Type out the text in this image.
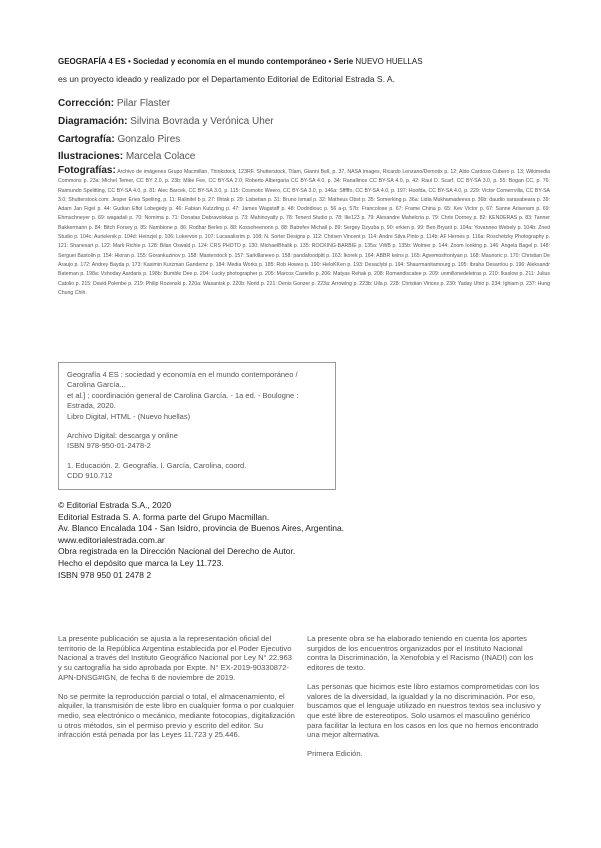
GEOGRAFÍA 4 ES • Sociedad y economía en el mundo contemporáneo • Serie NUEVO HUELLAS
es un proyecto ideado y realizado por el Departamento Editorial de Editorial Estrada S. A.
Corrección: Pilar Flaster
Diagramación: Silvina Bovrada y Verónica Uher
Cartografía: Gonzalo Pires
Ilustraciones: Marcela Colace
Fotografías: Archivo de imágenes Grupo Macmillan, Thinkstock, 123RF, Shutterstock, Tilam, Gianni Bell, p. 37, NASA images, Ricardo Lenzano/Demotix p. 12; Aldo Cardoso Cubero p. 13; Wikimedia Commons p. 23a: Michel Temer, CC BY 2.0, p. 23b: Mike Fee, CC BY-SA 2.0; Roberto Albergaria CC BY-SA 4.0, p. 34: Ranallinos CC BY-SA 4.0, p. 42: Raul D. Scarf, CC BY-SA 3.0, p. 55: Bogan CC, p. 76: Raimundo Spelitting, CC BY-SA 4.0, p. 81: Alec Barcek, CC BY-SA 3.0, p. 115: Cosmotic Weero, CC BY-SA 3.0, p. 146a: Sfffffo, CC BY-SA 4.0, p. 197: Hoofda, CC BY-SA 4.0, p. 229: Victor Comerrvilla, CC BY-SA 3.0; Shutterstock.com: Jesper Eries Spelling, p. 11: Ralinitel b p. 27: Ilhtak p. 29: Lisbetian p. 31: Bruno Ismail p. 32: Matheus Obst p. 35: Somerking p. 36a: Lidia Mukhamadeeva p. 36b: daudio sarasabeara p. 39: Adam Jan Figel p. 44: Gudian Effol Lobegedy p. 46: Fabian Kutzzling p. 47: James Wagstaff p. 48: Dodridiouc p. 56 a-p. 57b: Francolose p. 67: Frame China p. 65: Kev Victor p. 67: Sanne Arisenam p. 69: Ehmuchneyer p. 69: wagadali p. 70: Nomima p. 71: Donatas Dabravolskas p. 73: Mahinoyatly p. 78: Tenerd Studio p. 78: Ilie123 p. 79: Alexandre Mahelcria p. 79: Chris Dorney p. 82: KENDERAS p. 83: Tanner Bakkermann p. 84: Bitch Forsey p. 85: Nambione p. 86: Rodhar Berles p. 88: Kossoheenonn p. 88: Batrefev Michail p. 89: Sergey Dzyuba p. 90: erkien p. 99: Ben Bryant p. 104a: Yovanneo Webely p. 104b: Zned Studio p. 104c: Aurielenik p. 104d: Heinzjel p. 106: Lokervon p. 107: Lucasalisrim p. 108: N. Sorter Designs p. 112: Chrisen Vincent p. 114: Andre Silva Pinto p. 114b: AF Hernes p. 116a: Roschetzky Photography p. 121: Shanesart p. 122: Mark Richie p. 128: Bilan Oswald p. 124: CRS PHOTO p. 130: MichaelBhalik p. 135: ROCKING-BARBIE p. 135a: VWB p. 135b: Wolmer p. 144: Zoom Ionking p. 146: Angela Bagel p. 148: Serguei Bastolin p. 154: Hioran p. 155: Gorankuzinov p. 158: Masterstock p. 157: Sarkillaneeo p. 158: pandafoodpitt p. 163: Ikorek p. 164: ABBR keins p. 165: Agvemosfrontyan p. 168: Maurioric p. 170: Christian De Araujo p. 172: Andrey Bayda p. 173: Kasimin Kurzman Gandemz p. 184: Media Works p. 185: Rob Howes p. 190: HeloKKen p. 193: Desaclybi p. 194: Shaurmanitamourg p. 195: Ibraha Desarrlou p. 196: Aleksandr Bateman p. 198a: Vshoday Aardaris p. 198b: Bumble Dee p. 204: Lucky photographer p. 205: Marcos Castello p. 206: Matyas Rehak p. 208: Romandiscatee p. 209: unmillonedeletras p. 210: Ikaslow p. 211: Julius Catolio p. 215: David Polenbe p. 219: Philip Rozenski p. 220a: Wasanisk p. 220b: Norld p. 221: Denis Gonzer p. 223a: Arrowing p. 223b: Uila p. 228: Christian Vinces p. 230: Yaday Uhio p. 234: Ighiam p. 237: Hung Chung Chih.

Geografía 4 ES : sociedad y economía en el mundo contemporáneo / Carolina García...

et al.] ; coordinación general de Carolina García. - 1a ed. - Boulogne : Estrada, 2020.

Libro Digital, HTML - (Nuevo huellas)

Archivo Digital: descarga y online

ISBN 978-950-01-2478-2

1. Educación. 2. Geografía. I. García, Carolina, coord.

CDD 910.712

© Editorial Estrada S.A., 2020

Editorial Estrada S. A. forma parte del Grupo Macmillan.

Av. Blanco Encalada 104 - San Isidro, provincia de Buenos Aires, Argentina.

www.editorialestrada.com.ar

Obra registrada en la Dirección Nacional del Derecho de Autor.

Hecho el depósito que marca la Ley 11.723.

ISBN 978 950 01 2478 2

La presente publicación se ajusta a la representación oficial del territorio de la República Argentina establecida por el Poder Ejecutivo Nacional a través del Instituto Geográfico Nacional por Ley N° 22.963 y su cartografía ha sido aprobada por Expte. N° EX-2019-90330872-APN-DNSG#IGN, de fecha 6 de noviembre de 2019.

No se permite la reproducción parcial o total, el almacenamiento, el alquiler, la transmisión de este libro en cualquier forma o por cualquier medio, sea electrónico o mecánico, mediante fotocopias, digitalización u otros métodos, sin el permiso previo y escrito del editor. Su infracción está penada por las Leyes 11.723 y 25.446.

La presente obra se ha elaborado teniendo en cuenta los aportes surgidos de los encuentros organizados por el Instituto Nacional contra la Discriminación, la Xenofobia y el Racismo (INADI) con los editores de texto.

Las personas que hicimos este libro estamos comprometidas con los valores de la diversidad, la igualdad y la no discriminación. Por eso, buscamos que el lenguaje utilizado en nuestros textos sea inclusivo y que esté libre de estereotipos. Solo usamos el masculino genérico para facilitar la lectura en los casos en los que no hemos encontrado una mejor alternativa.

Primera Edición.
